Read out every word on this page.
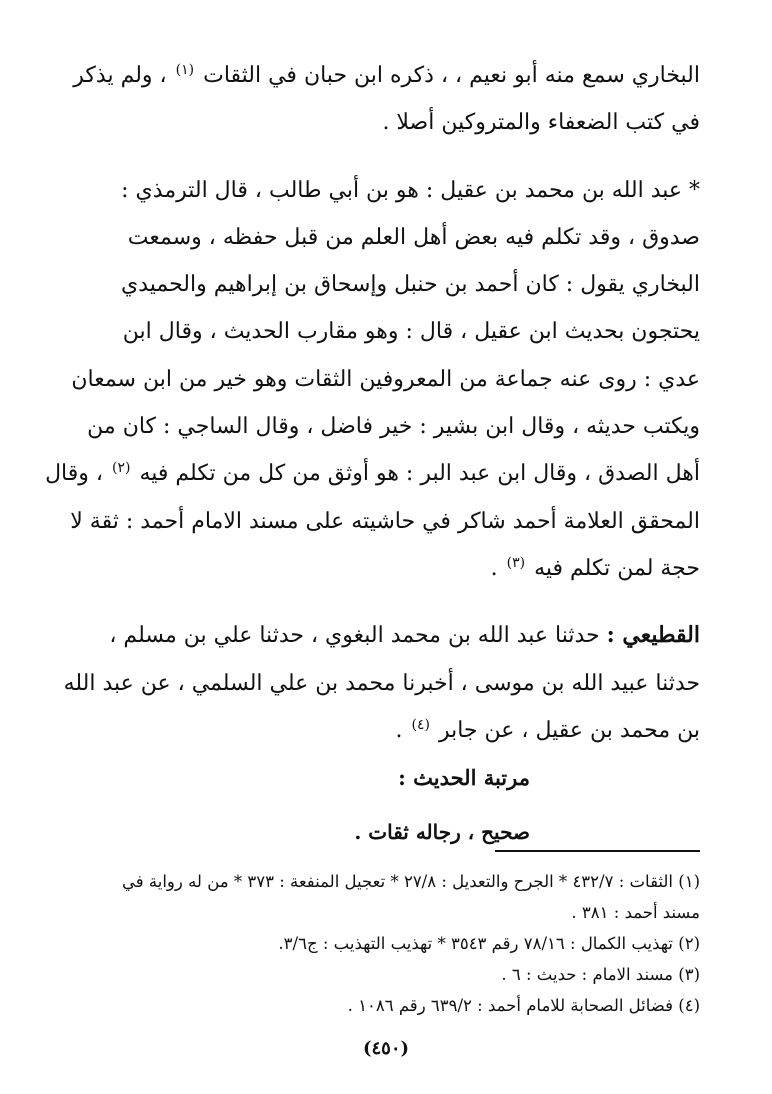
البخاري سمع منه أبو نعيم ، ، ذكره ابن حبان في الثقات $^{(١)}$ ، ولم يذكر
في كتب الضعفاء والمتروكين أصلا .

* عبد الله بن محمد بن عقيل : هو بن أبي طالب ، قال الترمذي :
صدوق ، وقد تكلم فيه بعض أهل العلم من قبل حفظه ، وسمعت
البخاري يقول : كان أحمد بن حنبل وإسحاق بن إبراهيم والحميدي
يحتجون بحديث ابن عقيل ، قال : وهو مقارب الحديث ، وقال ابن
عدي : روى عنه جماعة من المعروفين الثقات وهو خير من ابن سمعان
ويكتب حديثه ، وقال ابن بشير : خير فاضل ، وقال الساجي : كان من
أهل الصدق ، وقال ابن عبد البر : هو أوثق من كل من تكلم فيه $^{(٢)}$ ، وقال
المحقق العلامة أحمد شاكر في حاشيته على مسند الامام أحمد : ثقة لا
حجة لمن تكلم فيه $^{(٣)}$ .

القطيعي : حدثنا عبد الله بن محمد البغوي ، حدثنا علي بن مسلم ،
حدثنا عبيد الله بن موسى ، أخبرنا محمد بن علي السلمي ، عن عبد الله
بن محمد بن عقيل ، عن جابر $^{(٤)}$ .

مرتبة الحديث :

صحيح ، رجاله ثقات .

(١) الثقات : ٤٣٢/٧ * الجرح والتعديل : ٢٧/٨ * تعجيل المنفعة : ٣٧٣ * من له رواية في
مسند أحمد : ٣٨١ .
(٢) تهذيب الكمال : ٧٨/١٦ رقم ٣٥٤٣ * تهذيب التهذيب : ج٣/٦.
(٣) مسند الامام : حديث : ٦ .
(٤) فضائل الصحابة للامام أحمد : ٦٣٩/٢ رقم ١٠٨٦ .
(٤٥٠)
